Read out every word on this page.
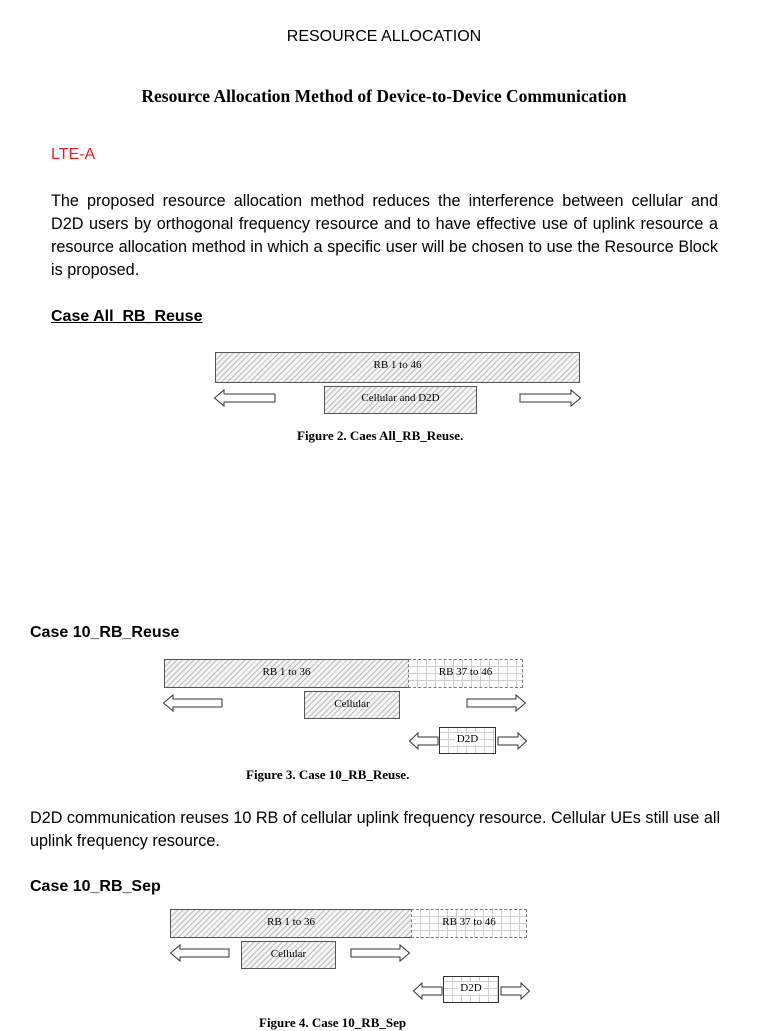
RESOURCE ALLOCATION
Resource Allocation Method of Device-to-Device Communication
LTE-A
The proposed resource allocation method reduces the interference between cellular and D2D users by orthogonal frequency resource and to have effective use of uplink resource a resource allocation method in which a specific user will be chosen to use the Resource Block is proposed.
Case All_RB_Reuse
RB 1 to 46
Cellular and D2D
Figure 2. Caes All_RB_Reuse.
Case 10_RB_Reuse
RB 1 to 36	RB 37 to 46
Cellular
D2D
Figure 3. Case 10_RB_Reuse.
D2D communication reuses 10 RB of cellular uplink frequency resource. Cellular UEs still use all uplink frequency resource.
Case 10_RB_Sep
RB 1 to 36	RB 37 to 46
Cellular
D2D
Figure 4. Case 10_RB_Sep
